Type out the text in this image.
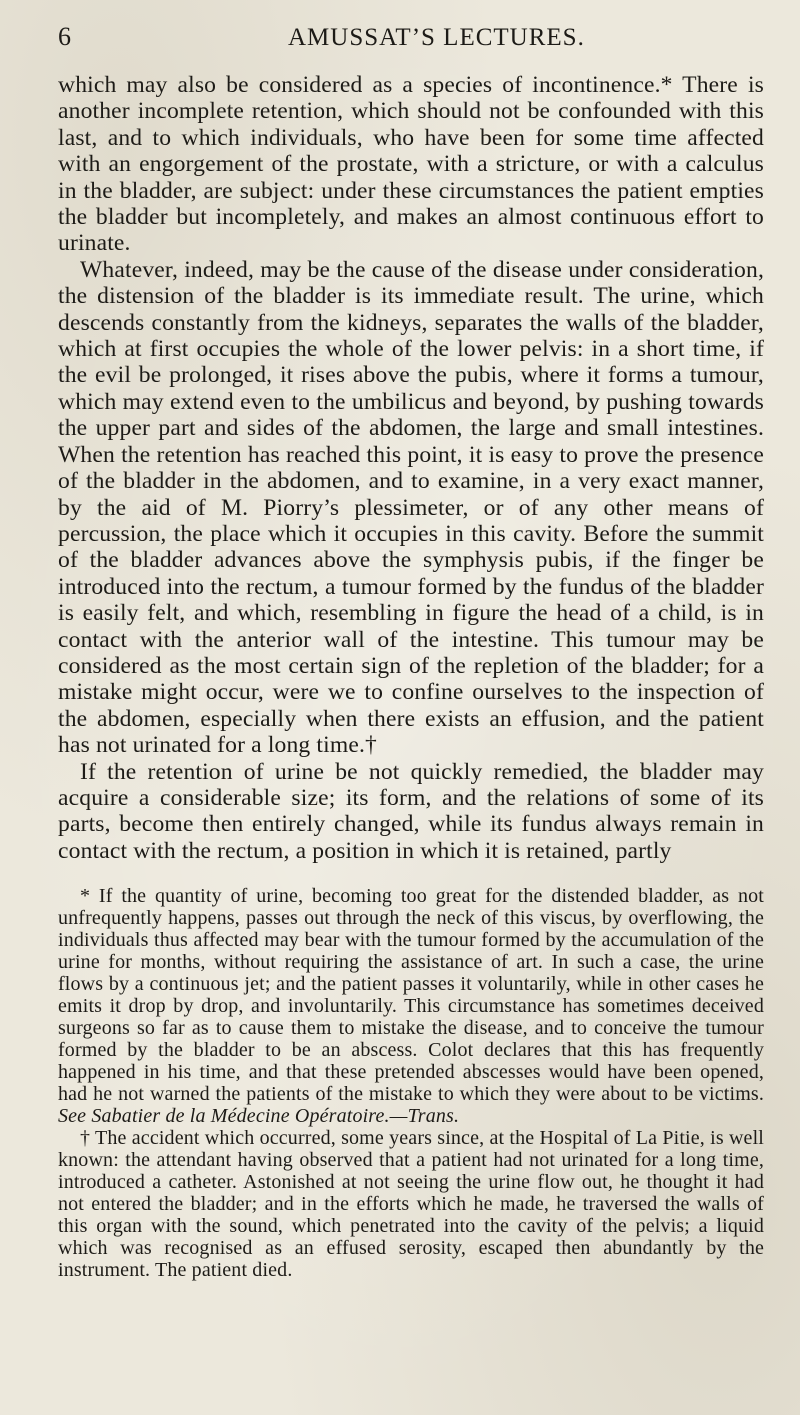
6	AMUSSAT’S LECTURES.

which may also be considered as a species of incontinence.* There is another incomplete retention, which should not be confounded with this last, and to which individuals, who have been for some time affected with an engorgement of the prostate, with a stricture, or with a calculus in the bladder, are subject: under these circumstances the patient empties the bladder but incompletely, and makes an almost continuous effort to urinate.

Whatever, indeed, may be the cause of the disease under consideration, the distension of the bladder is its immediate result. The urine, which descends constantly from the kidneys, separates the walls of the bladder, which at first occupies the whole of the lower pelvis: in a short time, if the evil be prolonged, it rises above the pubis, where it forms a tumour, which may extend even to the umbilicus and beyond, by pushing towards the upper part and sides of the abdomen, the large and small intestines. When the retention has reached this point, it is easy to prove the presence of the bladder in the abdomen, and to examine, in a very exact manner, by the aid of M. Piorry’s plessimeter, or of any other means of percussion, the place which it occupies in this cavity. Before the summit of the bladder advances above the symphysis pubis, if the finger be introduced into the rectum, a tumour formed by the fundus of the bladder is easily felt, and which, resembling in figure the head of a child, is in contact with the anterior wall of the intestine. This tumour may be considered as the most certain sign of the repletion of the bladder; for a mistake might occur, were we to confine ourselves to the inspection of the abdomen, especially when there exists an effusion, and the patient has not urinated for a long time.†

If the retention of urine be not quickly remedied, the bladder may acquire a considerable size; its form, and the relations of some of its parts, become then entirely changed, while its fundus always remain in contact with the rectum, a position in which it is retained, partly

* If the quantity of urine, becoming too great for the distended bladder, as not unfrequently happens, passes out through the neck of this viscus, by overflowing, the individuals thus affected may bear with the tumour formed by the accumulation of the urine for months, without requiring the assistance of art. In such a case, the urine flows by a continuous jet; and the patient passes it voluntarily, while in other cases he emits it drop by drop, and involuntarily. This circumstance has sometimes deceived surgeons so far as to cause them to mistake the disease, and to conceive the tumour formed by the bladder to be an abscess. Colot declares that this has frequently happened in his time, and that these pretended abscesses would have been opened, had he not warned the patients of the mistake to which they were about to be victims. See Sabatier de la Médecine Opératoire.—Trans.

† The accident which occurred, some years since, at the Hospital of La Pitie, is well known: the attendant having observed that a patient had not urinated for a long time, introduced a catheter. Astonished at not seeing the urine flow out, he thought it had not entered the bladder; and in the efforts which he made, he traversed the walls of this organ with the sound, which penetrated into the cavity of the pelvis; a liquid which was recognised as an effused serosity, escaped then abundantly by the instrument. The patient died.
